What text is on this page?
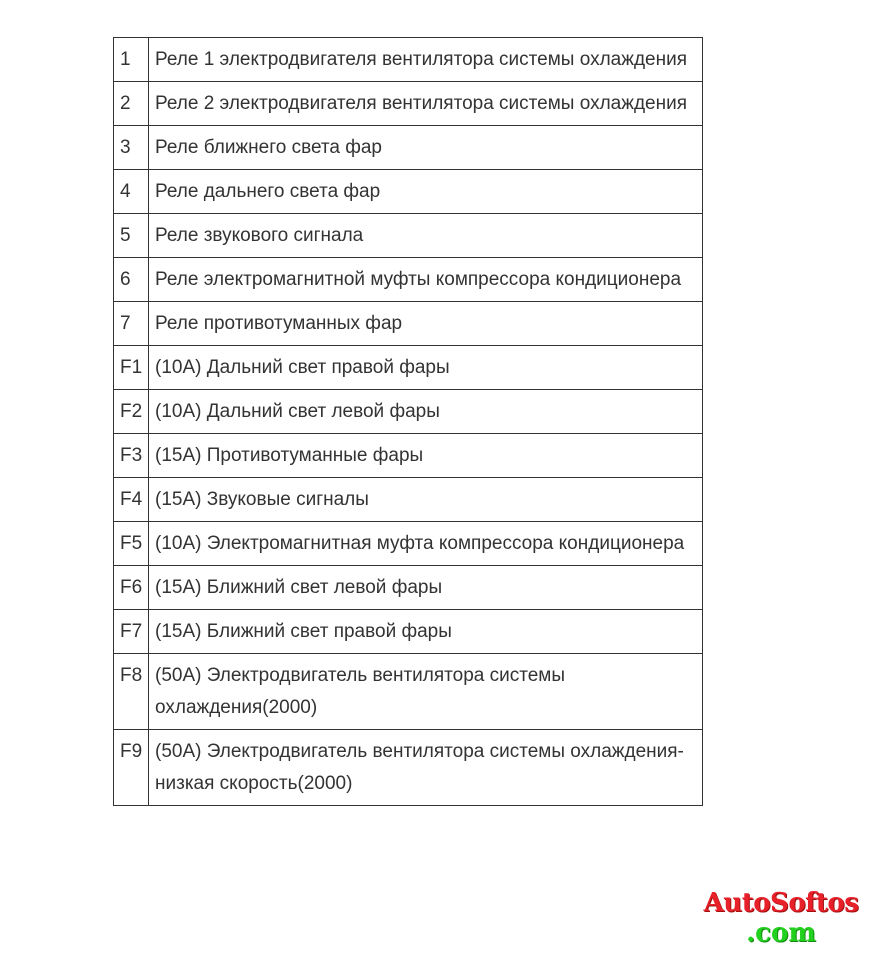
1	Реле 1 электродвигателя вентилятора системы охлаждения
2	Реле 2 электродвигателя вентилятора системы охлаждения
3	Реле ближнего света фар
4	Реле дальнего света фар
5	Реле звукового сигнала
6	Реле электромагнитной муфты компрессора кондиционера
7	Реле противотуманных фар
F1	(10А) Дальний свет правой фары
F2	(10А) Дальний свет левой фары
F3	(15А) Противотуманные фары
F4	(15А) Звуковые сигналы
F5	(10А) Электромагнитная муфта компрессора кондиционера
F6	(15А) Ближний свет левой фары
F7	(15А) Ближний свет правой фары
F8	(50А) Электродвигатель вентилятора системы охлаждения(2000)
F9	(50А) Электродвигатель вентилятора системы охлаждения- низкая скорость(2000)
AutoSoftos
.com
